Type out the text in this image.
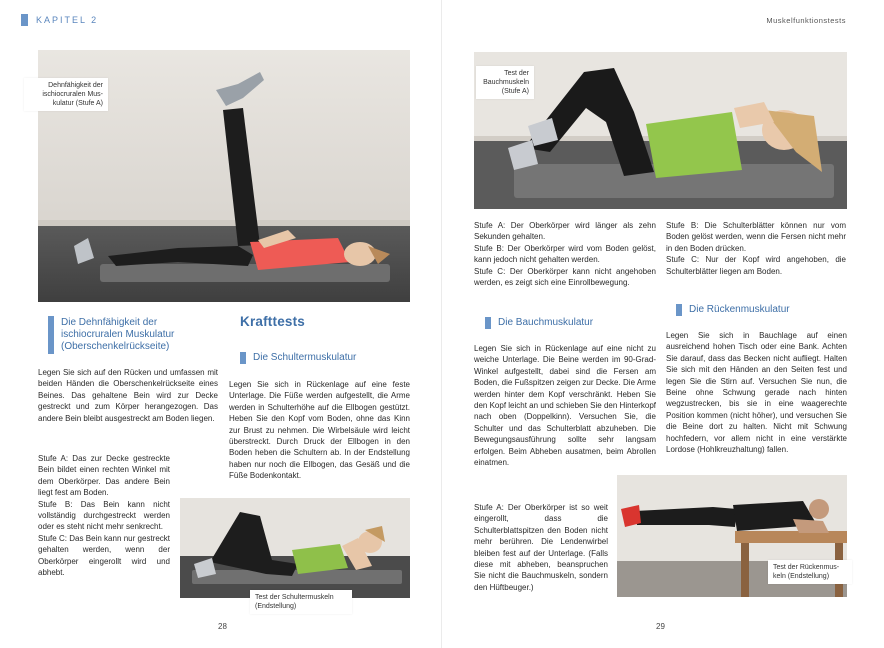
KAPITEL 2
Dehnfähigkeit der
ischiocruralen Mus-
kulatur (Stufe A)
Die Dehnfähigkeit der
ischiocruralen Muskulatur
(Oberschenkelrückseite)
Legen Sie sich auf den Rücken und umfassen mit beiden Händen die Oberschenkelrückseite eines Beines. Das gehaltene Bein wird zur Decke gestreckt und zum Körper herangezogen. Das andere Bein bleibt ausgestreckt am Boden liegen.
Stufe A: Das zur Decke gestreckte Bein bildet einen rechten Winkel mit dem Oberkörper. Das andere Bein liegt fest am Boden.
Stufe B: Das Bein kann nicht vollständig durchgestreckt werden oder es steht nicht mehr senkrecht.
Stufe C: Das Bein kann nur gestreckt gehalten werden, wenn der Oberkörper eingerollt wird und abhebt.
Krafttests
Die Schultermuskulatur
Legen Sie sich in Rückenlage auf eine feste Unterlage. Die Füße werden aufgestellt, die Arme werden in Schulterhöhe auf die Ellbogen gestützt. Heben Sie den Kopf vom Boden, ohne das Kinn zur Brust zu nehmen. Die Wirbelsäule wird leicht überstreckt. Durch Druck der Ellbogen in den Boden heben die Schultern ab. In der Endstellung haben nur noch die Ellbogen, das Gesäß und die Füße Bodenkontakt.
Test der Schultermuskeln
(Endstellung)
28
Muskelfunktionstests
Test der
Bauchmuskeln
(Stufe A)
Stufe A: Der Oberkörper wird länger als zehn Sekunden gehalten.
Stufe B: Der Oberkörper wird vom Boden gelöst, kann jedoch nicht gehalten werden.
Stufe C: Der Oberkörper kann nicht angehoben werden, es zeigt sich eine Einrollbewegung.
Stufe B: Die Schulterblätter können nur vom Boden gelöst werden, wenn die Fersen nicht mehr in den Boden drücken.
Stufe C: Nur der Kopf wird angehoben, die Schulterblätter liegen am Boden.
Die Bauchmuskulatur
Legen Sie sich in Rückenlage auf eine nicht zu weiche Unterlage. Die Beine werden im 90-Grad-Winkel aufgestellt, dabei sind die Fersen am Boden, die Fußspitzen zeigen zur Decke. Die Arme werden hinter dem Kopf verschränkt. Heben Sie den Kopf leicht an und schieben Sie den Hinterkopf nach oben (Doppelkinn). Versuchen Sie, die Schulter und das Schulterblatt abzuheben. Die Bewegungsausführung sollte sehr langsam erfolgen. Beim Abheben ausatmen, beim Abrollen einatmen.
Stufe A: Der Oberkörper ist so weit eingerollt, dass die Schulterblattspitzen den Boden nicht mehr berühren. Die Lendenwirbel bleiben fest auf der Unterlage. (Falls diese mit abheben, beanspruchen Sie nicht die Bauchmuskeln, sondern den Hüftbeuger.)
Die Rückenmuskulatur
Legen Sie sich in Bauchlage auf einen ausreichend hohen Tisch oder eine Bank. Achten Sie darauf, dass das Becken nicht aufliegt. Halten Sie sich mit den Händen an den Seiten fest und legen Sie die Stirn auf. Versuchen Sie nun, die Beine ohne Schwung gerade nach hinten wegzustrecken, bis sie in eine waagerechte Position kommen (nicht höher), und versuchen Sie die Beine dort zu halten. Nicht mit Schwung hochfedern, vor allem nicht in eine verstärkte Lordose (Hohlkreuzhaltung) fallen.
Test der Rückenmus-
keln (Endstellung)
29
